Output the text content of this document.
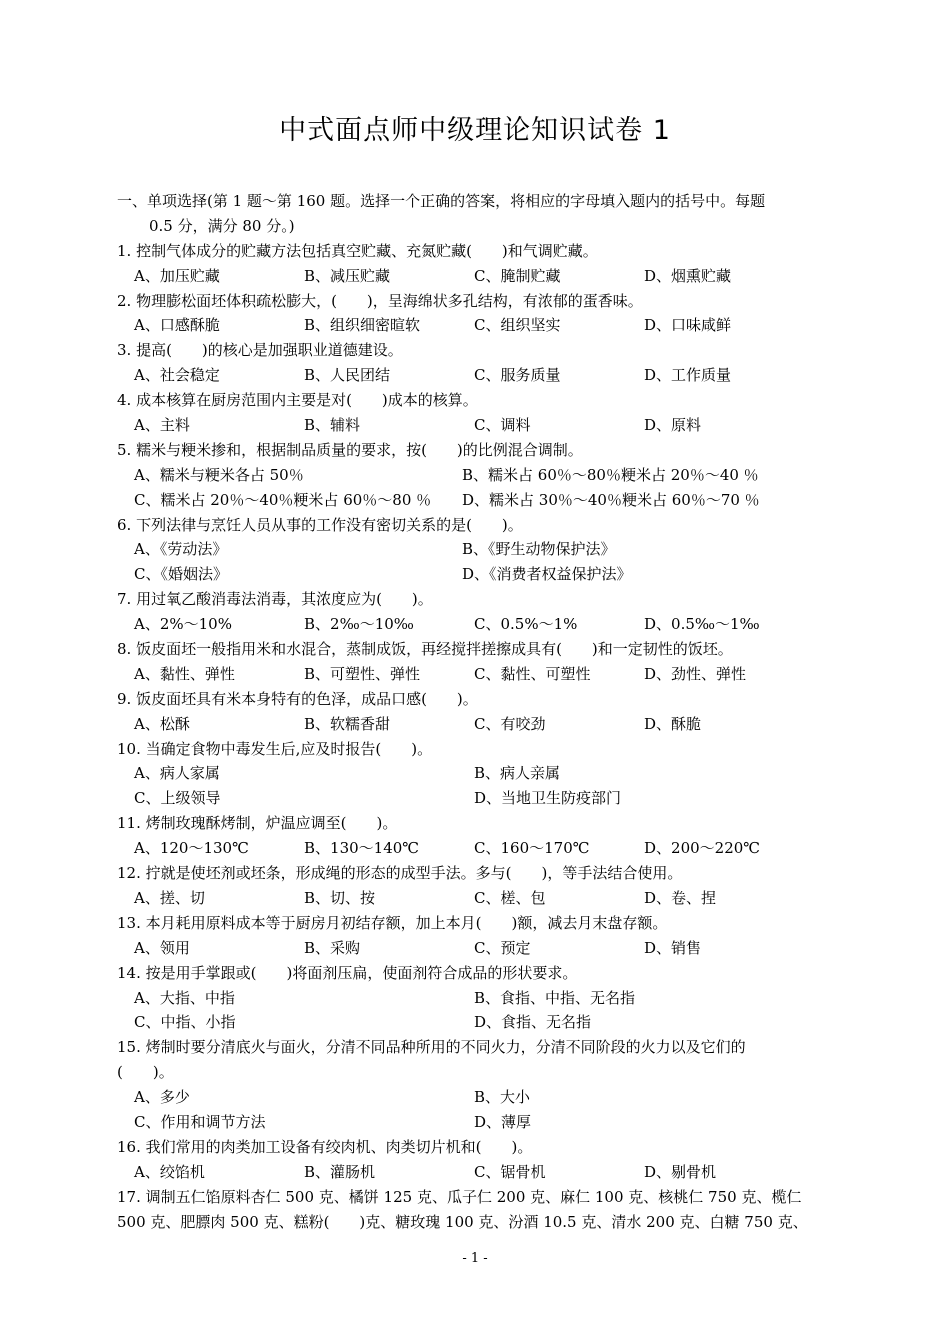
中式面点师中级理论知识试卷 1
一、单项选择(第 1 题～第 160 题。选择一个正确的答案，将相应的字母填入题内的括号中。每题
0.5 分，满分 80 分。)
1. 控制气体成分的贮藏方法包括真空贮藏、充氮贮藏(　　)和气调贮藏。
A、加压贮藏	B、减压贮藏	C、腌制贮藏	D、烟熏贮藏
2. 物理膨松面坯体积疏松膨大，(　　)，呈海绵状多孔结构，有浓郁的蛋香味。
A、口感酥脆	B、组织细密暄软	C、组织坚实	D、口味咸鲜
3. 提高(　　)的核心是加强职业道德建设。
A、社会稳定	B、人民团结	C、服务质量	D、工作质量
4. 成本核算在厨房范围内主要是对(　　)成本的核算。
A、主料	B、辅料	C、调料	D、原料
5. 糯米与粳米掺和，根据制品质量的要求，按(　　)的比例混合调制。
A、糯米与粳米各占 50％	B、糯米占 60％～80％粳米占 20％～40 ％
C、糯米占 20％～40％粳米占 60％～80 ％	D、糯米占 30％～40％粳米占 60％～70 ％
6. 下列法律与烹饪人员从事的工作没有密切关系的是(　　)。
A、《劳动法》	B、《野生动物保护法》
C、《婚姻法》	D、《消费者权益保护法》
7. 用过氧乙酸消毒法消毒，其浓度应为(　　)。
A、2%～10%	B、2‰～10‰	C、0.5%～1%	D、0.5‰～1‰
8. 饭皮面坯一般指用米和水混合，蒸制成饭，再经搅拌搓擦成具有(　　)和一定韧性的饭坯。
A、黏性、弹性	B、可塑性、弹性	C、黏性、可塑性	D、劲性、弹性
9. 饭皮面坯具有米本身特有的色泽，成品口感(　　)。
A、松酥	B、软糯香甜	C、有咬劲	D、酥脆
10. 当确定食物中毒发生后,应及时报告(　　)。
A、病人家属	B、病人亲属
C、上级领导	D、当地卫生防疫部门
11. 烤制玫瑰酥烤制，炉温应调至(　　)。
A、120～130℃	B、130～140℃	C、160～170℃	D、200～220℃
12. 拧就是使坯剂或坯条，形成绳的形态的成型手法。多与(　　)，等手法结合使用。
A、搓、切	B、切、按	C、槎、包	D、卷、捏
13. 本月耗用原料成本等于厨房月初结存额，加上本月(　　)额，减去月末盘存额。
A、领用	B、采购	C、预定	D、销售
14. 按是用手掌跟或(　　)将面剂压扁，使面剂符合成品的形状要求。
A、大指、中指	B、食指、中指、无名指
C、中指、小指	D、食指、无名指
15. 烤制时要分清底火与面火，分清不同品种所用的不同火力，分清不同阶段的火力以及它们的
(　　)。
A、多少	B、大小
C、作用和调节方法	D、薄厚
16. 我们常用的肉类加工设备有绞肉机、肉类切片机和(　　)。
A、绞馅机	B、灌肠机	C、锯骨机	D、剔骨机
17. 调制五仁馅原料杏仁 500 克、橘饼 125 克、瓜子仁 200 克、麻仁 100 克、核桃仁 750 克、榄仁
500 克、肥膘肉 500 克、糕粉(　　)克、糖玫瑰 100 克、汾酒 10.5 克、清水 200 克、白糖 750 克、
- 1 -
